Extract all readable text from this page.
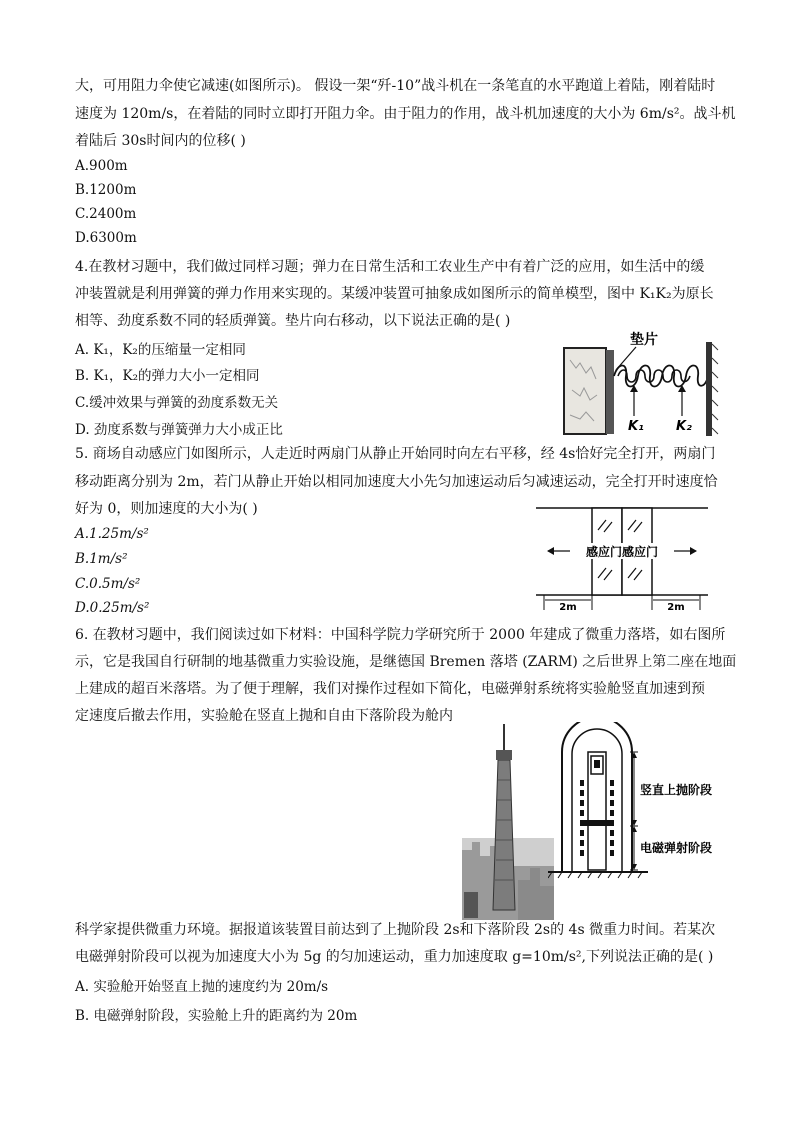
大，可用阻力伞使它减速(如图所示)。 假设一架“歼-10”战斗机在一条笔直的水平跑道上着陆，刚着陆时
速度为 120m/s，在着陆的同时立即打开阻力伞。由于阻力的作用，战斗机加速度的大小为 6m/s²。战斗机
着陆后 30s时间内的位移( )
A.900m
B.1200m
C.2400m
D.6300m
4.在教材习题中，我们做过同样习题；弹力在日常生活和工农业生产中有着广泛的应用，如生活中的缓
冲装置就是利用弹簧的弹力作用来实现的。某缓冲装置可抽象成如图所示的简单模型，图中 K₁K₂为原长
相等、劲度系数不同的轻质弹簧。垫片向右移动，以下说法正确的是( )
A. K₁，K₂的压缩量一定相同
B. K₁，K₂的弹力大小一定相同
C.缓冲效果与弹簧的劲度系数无关
D. 劲度系数与弹簧弹力大小成正比
垫片
K₁ K₂
5. 商场自动感应门如图所示，人走近时两扇门从静止开始同时向左右平移，经 4s恰好完全打开，两扇门
移动距离分别为 2m，若门从静止开始以相同加速度大小先匀加速运动后匀减速运动，完全打开时速度恰
好为 0，则加速度的大小为( )
A.1.25m/s²
B.1m/s²
C.0.5m/s²
D.0.25m/s²
感应门感应门
2m	2m
6. 在教材习题中，我们阅读过如下材料：中国科学院力学研究所于 2000 年建成了微重力落塔，如右图所
示，它是我国自行研制的地基微重力实验设施，是继德国 Bremen 落塔 (ZARM) 之后世界上第二座在地面
上建成的超百米落塔。为了便于理解，我们对操作过程如下简化，电磁弹射系统将实验舱竖直加速到预
定速度后撤去作用，实验舱在竖直上抛和自由下落阶段为舱内
竖直上抛阶段
电磁弹射阶段
科学家提供微重力环境。据报道该装置目前达到了上抛阶段 2s和下落阶段 2s的 4s 微重力时间。若某次
电磁弹射阶段可以视为加速度大小为 5g 的匀加速运动，重力加速度取 g=10m/s²,下列说法正确的是( )
A. 实验舱开始竖直上抛的速度约为 20m/s
B. 电磁弹射阶段，实验舱上升的距离约为 20m
